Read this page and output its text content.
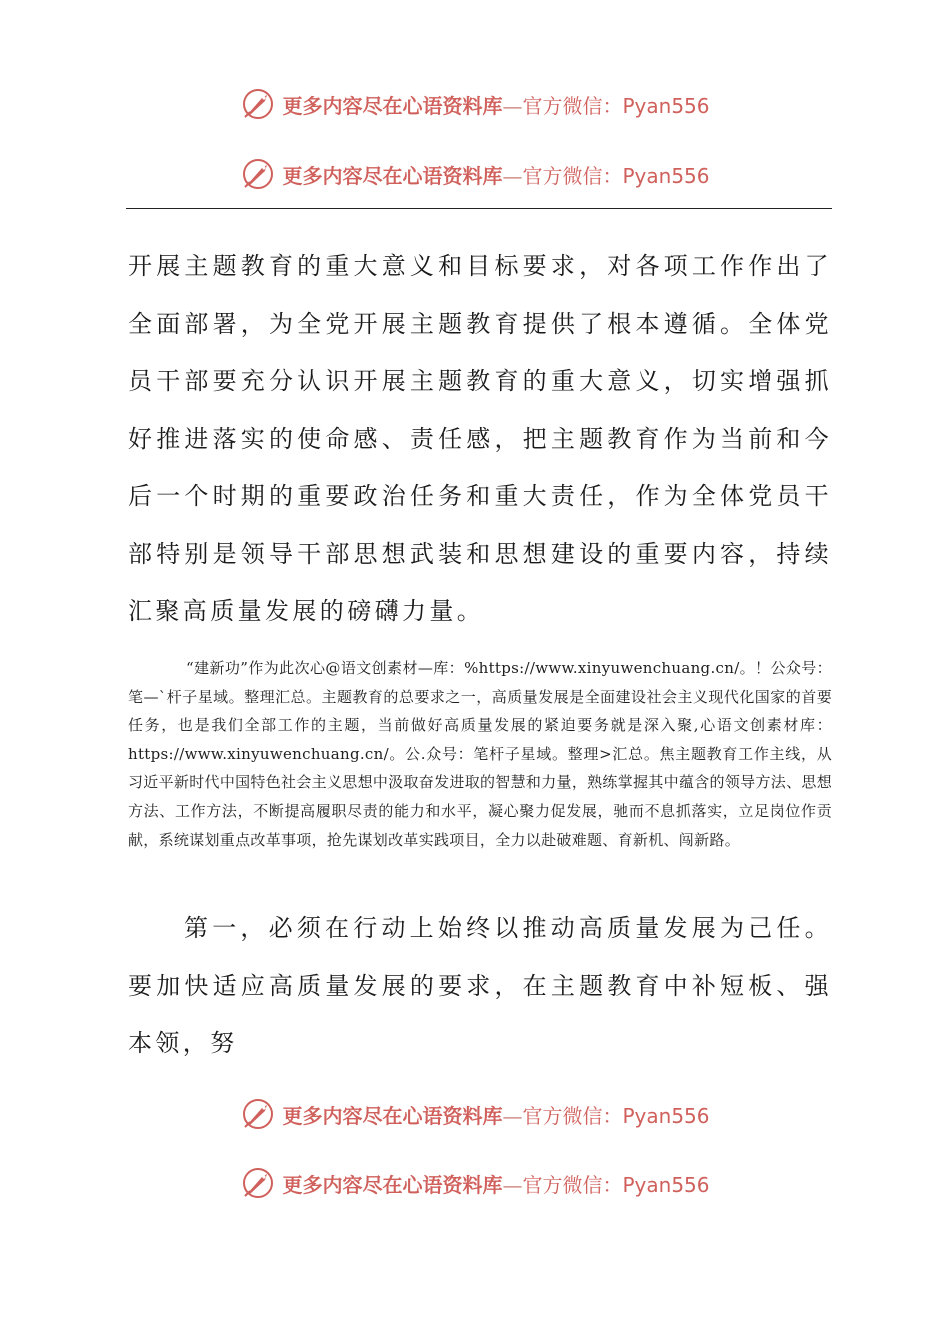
更多内容尽在心语资料库—官方微信：Pyan556
更多内容尽在心语资料库—官方微信：Pyan556

开展主题教育的重大意义和目标要求，对各项工作作出了全面部署，为全党开展主题教育提供了根本遵循。全体党员干部要充分认识开展主题教育的重大意义，切实增强抓好推进落实的使命感、责任感，把主题教育作为当前和今后一个时期的重要政治任务和重大责任，作为全体党员干部特别是领导干部思想武装和思想建设的重要内容，持续汇聚高质量发展的磅礴力量。

“建新功”作为此次心@语文创素材—库：%https://www.xinyuwenchuang.cn/。！公众号：笔—`杆子星域。整理汇总。主题教育的总要求之一，高质量发展是全面建设社会主义现代化国家的首要任务，也是我们全部工作的主题，当前做好高质量发展的紧迫要务就是深入聚,心语文创素材库：https://www.xinyuwenchuang.cn/。公.众号：笔杆子星域。整理>汇总。焦主题教育工作主线，从习近平新时代中国特色社会主义思想中汲取奋发进取的智慧和力量，熟练掌握其中蕴含的领导方法、思想方法、工作方法，不断提高履职尽责的能力和水平，凝心聚力促发展，驰而不息抓落实，立足岗位作贡献，系统谋划重点改革事项，抢先谋划改革实践项目，全力以赴破难题、育新机、闯新路。

第一，必须在行动上始终以推动高质量发展为己任。要加快适应高质量发展的要求，在主题教育中补短板、强本领，努

更多内容尽在心语资料库—官方微信：Pyan556
更多内容尽在心语资料库—官方微信：Pyan556
